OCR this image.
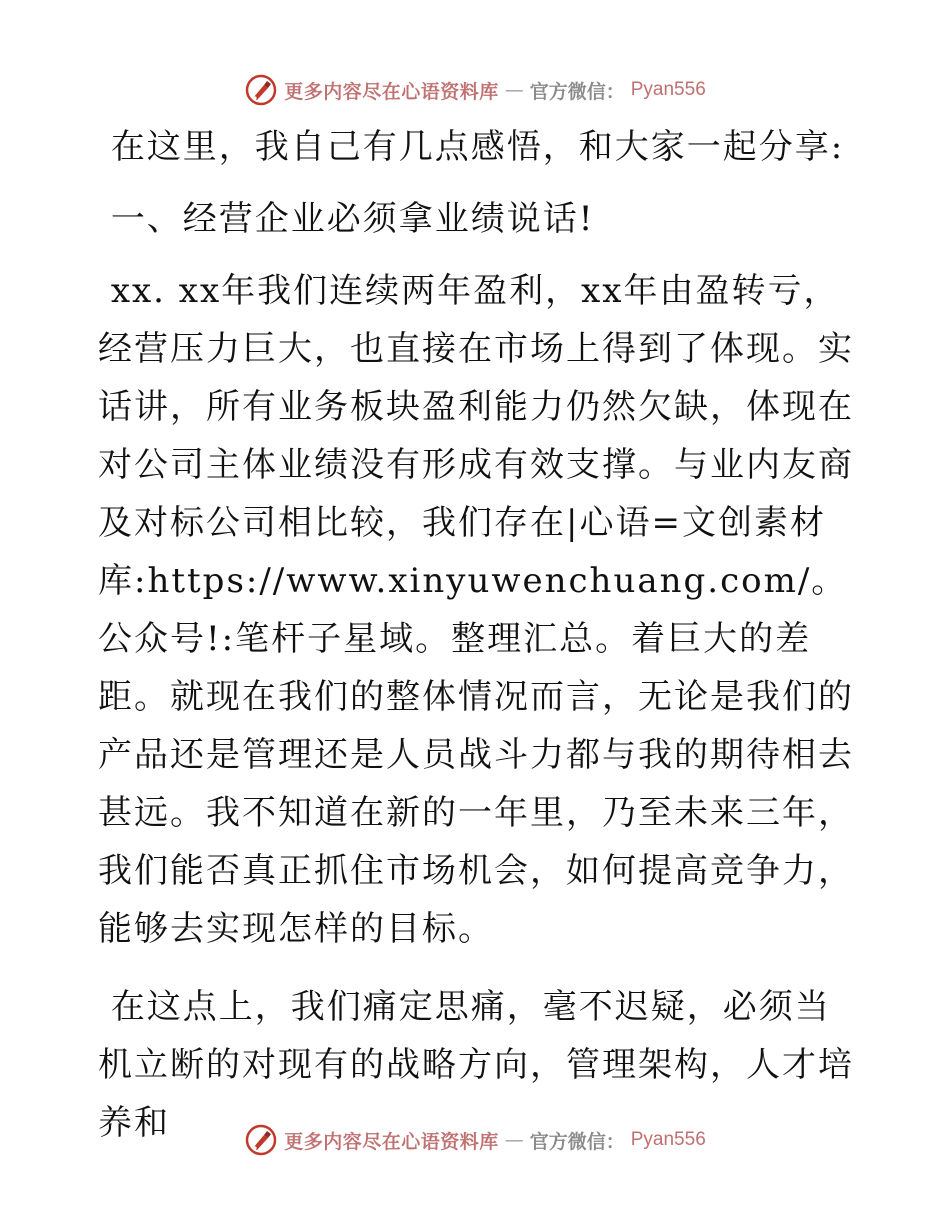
更多内容尽在心语资料库 — 官方微信： Pyan556

在这里，我自己有几点感悟，和大家一起分享:

一、经营企业必须拿业绩说话!

xx. xx年我们连续两年盈利，xx年由盈转亏，经营压力巨大，也直接在市场上得到了体现。实话讲，所有业务板块盈利能力仍然欠缺，体现在对公司主体业绩没有形成有效支撑。与业内友商及对标公司相比较，我们存在|心语=文创素材库:https://www.xinyuwenchuang.com/。公众号!:笔杆子星域。整理汇总。着巨大的差距。就现在我们的整体情况而言，无论是我们的产品还是管理还是人员战斗力都与我的期待相去甚远。我不知道在新的一年里，乃至未来三年，我们能否真正抓住市场机会，如何提高竞争力，能够去实现怎样的目标。

在这点上，我们痛定思痛，毫不迟疑，必须当机立断的对现有的战略方向，管理架构，人才培养和	更多内容尽在心语资料库 — 官方微信： Pyan556
